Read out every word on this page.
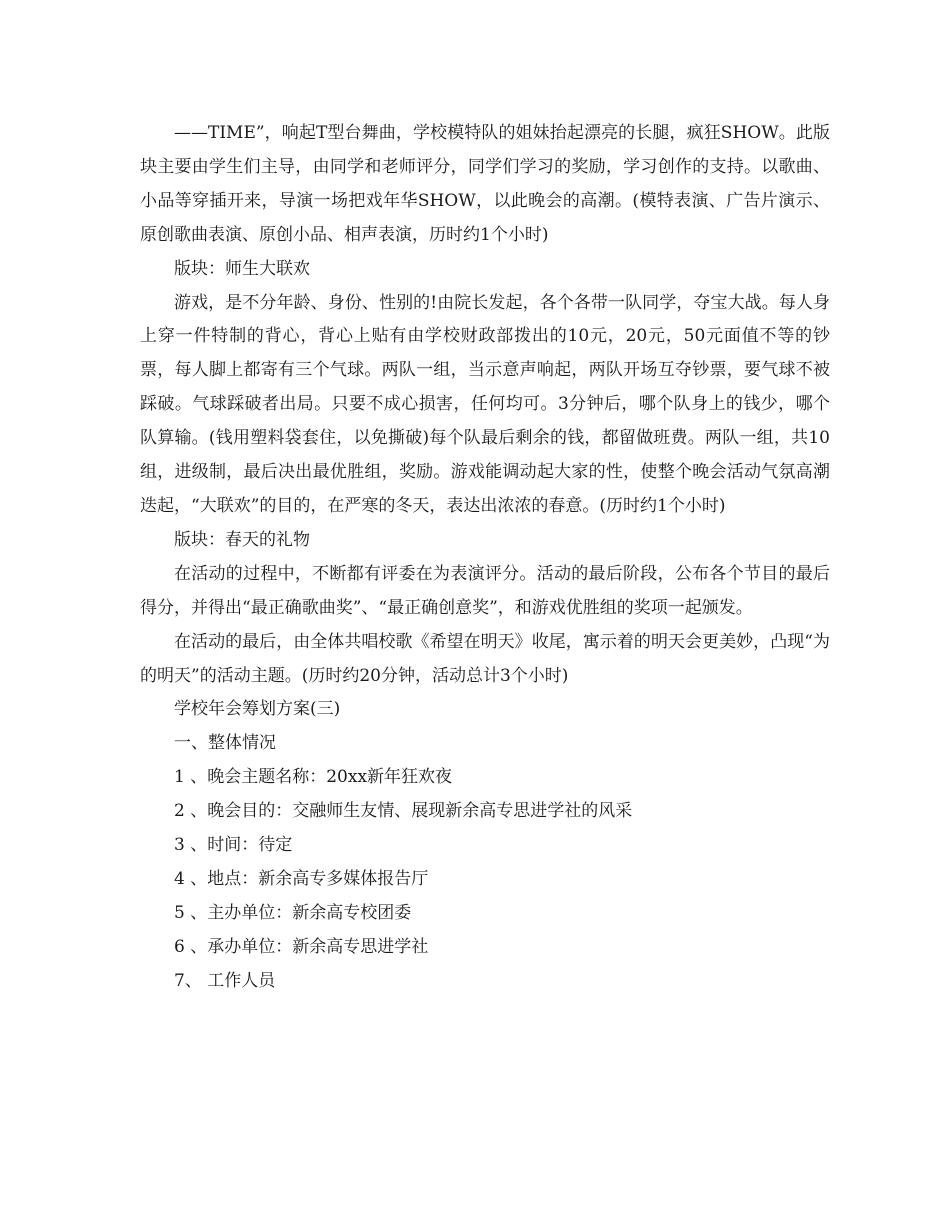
——TIME”，响起T型台舞曲，学校模特队的姐妹抬起漂亮的长腿，疯狂SHOW。此版块主要由学生们主导，由同学和老师评分，同学们学习的奖励，学习创作的支持。以歌曲、小品等穿插开来，导演一场把戏年华SHOW，以此晚会的高潮。(模特表演、广告片演示、原创歌曲表演、原创小品、相声表演，历时约1个小时)

版块：师生大联欢

游戏，是不分年龄、身份、性别的!由院长发起，各个各带一队同学，夺宝大战。每人身上穿一件特制的背心，背心上贴有由学校财政部拨出的10元，20元，50元面值不等的钞票，每人脚上都寄有三个气球。两队一组，当示意声响起，两队开场互夺钞票，要气球不被踩破。气球踩破者出局。只要不成心损害，任何均可。3分钟后，哪个队身上的钱少，哪个队算输。(钱用塑料袋套住，以免撕破)每个队最后剩余的钱，都留做班费。两队一组，共10组，进级制，最后决出最优胜组，奖励。游戏能调动起大家的性，使整个晚会活动气氛高潮迭起，“大联欢”的目的，在严寒的冬天，表达出浓浓的春意。(历时约1个小时)

版块：春天的礼物

在活动的过程中，不断都有评委在为表演评分。活动的最后阶段，公布各个节目的最后得分，并得出“最正确歌曲奖”、“最正确创意奖”，和游戏优胜组的奖项一起颁发。

在活动的最后，由全体共唱校歌《希望在明天》收尾，寓示着的明天会更美妙，凸现“为的明天”的活动主题。(历时约20分钟，活动总计3个小时)

学校年会筹划方案(三)

一、整体情况

1 、晚会主题名称：20xx新年狂欢夜

2 、晚会目的：交融师生友情、展现新余高专思进学社的风采

3 、时间：待定

4 、地点：新余高专多媒体报告厅

5 、主办单位：新余高专校团委

6 、承办单位：新余高专思进学社

7、 工作人员
